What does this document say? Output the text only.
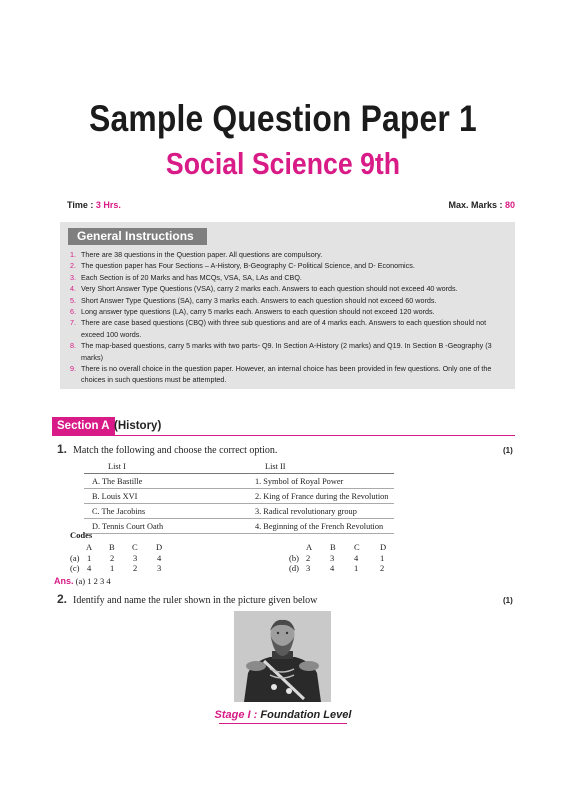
Sample Question Paper 1
Social Science 9th
Time : 3 Hrs.	Max. Marks : 80
General Instructions
1. There are 38 questions in the Question paper. All questions are compulsory.
2. The question paper has Four Sections – A-History, B-Geography C- Political Science, and D- Economics.
3. Each Section is of 20 Marks and has MCQs, VSA, SA, LAs and CBQ.
4. Very Short Answer Type Questions (VSA), carry 2 marks each. Answers to each question should not exceed 40 words.
5. Short Answer Type Questions (SA), carry 3 marks each. Answers to each question should not exceed 60 words.
6. Long answer type questions (LA), carry 5 marks each. Answers to each question should not exceed 120 words.
7. There are case based questions (CBQ) with three sub questions and are of 4 marks each. Answers to each question should not exceed 100 words.
8. The map-based questions, carry 5 marks with two parts- Q9. In Section A-History (2 marks) and Q19. In Section B -Geography (3 marks)
9. There is no overall choice in the question paper. However, an internal choice has been provided in few questions. Only one of the choices in such questions must be attempted.
Section A (History)
1. Match the following and choose the correct option.	(1)
List I	List II
A. The Bastille	1. Symbol of Royal Power
B. Louis XVI	2. King of France during the Revolution
C. The Jacobins	3. Radical revolutionary group
D. Tennis Court Oath	4. Beginning of the French Revolution
Codes
A	B	C	D	A	B	C	D
(a) 1	2	3	4	(b) 2	3	4	1
(c) 4	1	2	3	(d) 3	4	1	2
Ans. (a) 1 2 3 4
2. Identify and name the ruler shown in the picture given below	(1)
Stage I : Foundation Level
